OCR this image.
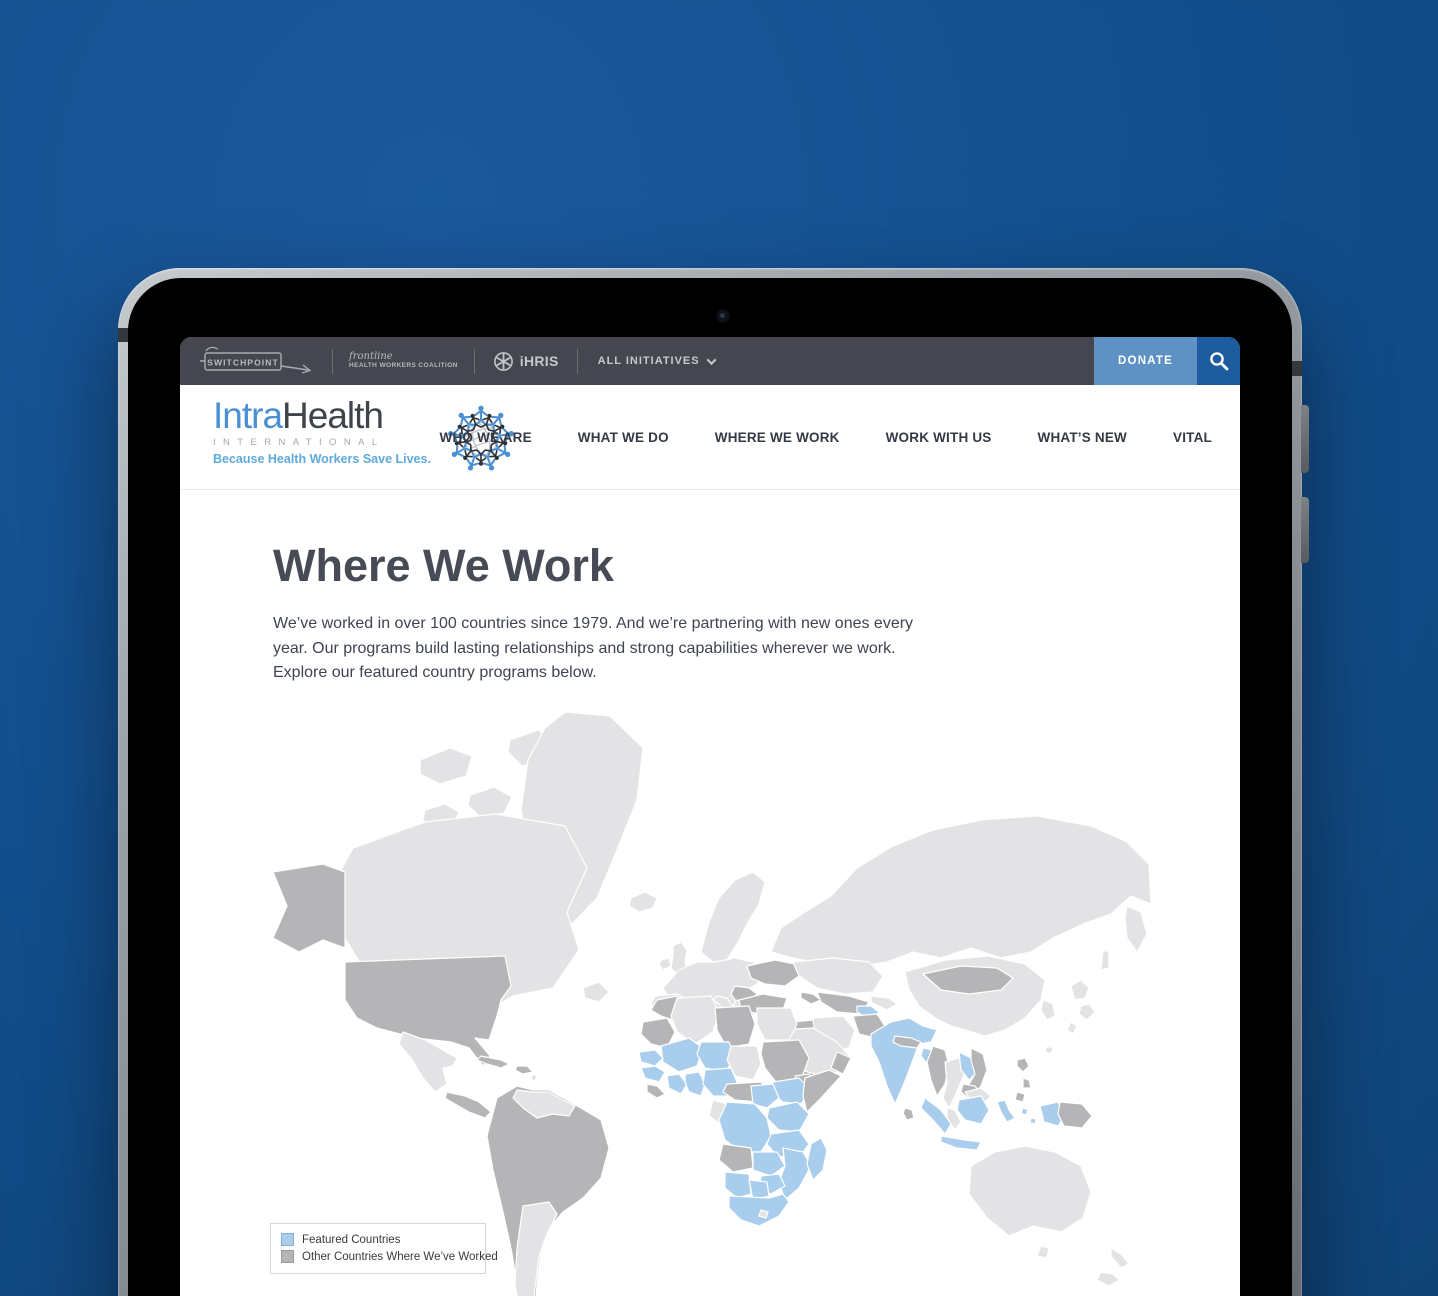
SWITCHPOINT
frontline
HEALTH WORKERS COALITION	iHRIS	ALL INITIATIVES	DONATE
IntraHealth
INTERNATIONAL
Because Health Workers Save Lives.
WHO WE ARE	WHAT WE DO	WHERE WE WORK	WORK WITH US	WHAT’S NEW	VITAL
Where We Work

We’ve worked in over 100 countries since 1979. And we’re partnering with new ones every year. Our programs build lasting relationships and strong capabilities wherever we work. Explore our featured country programs below.

Featured Countries
Other Countries Where We’ve Worked
